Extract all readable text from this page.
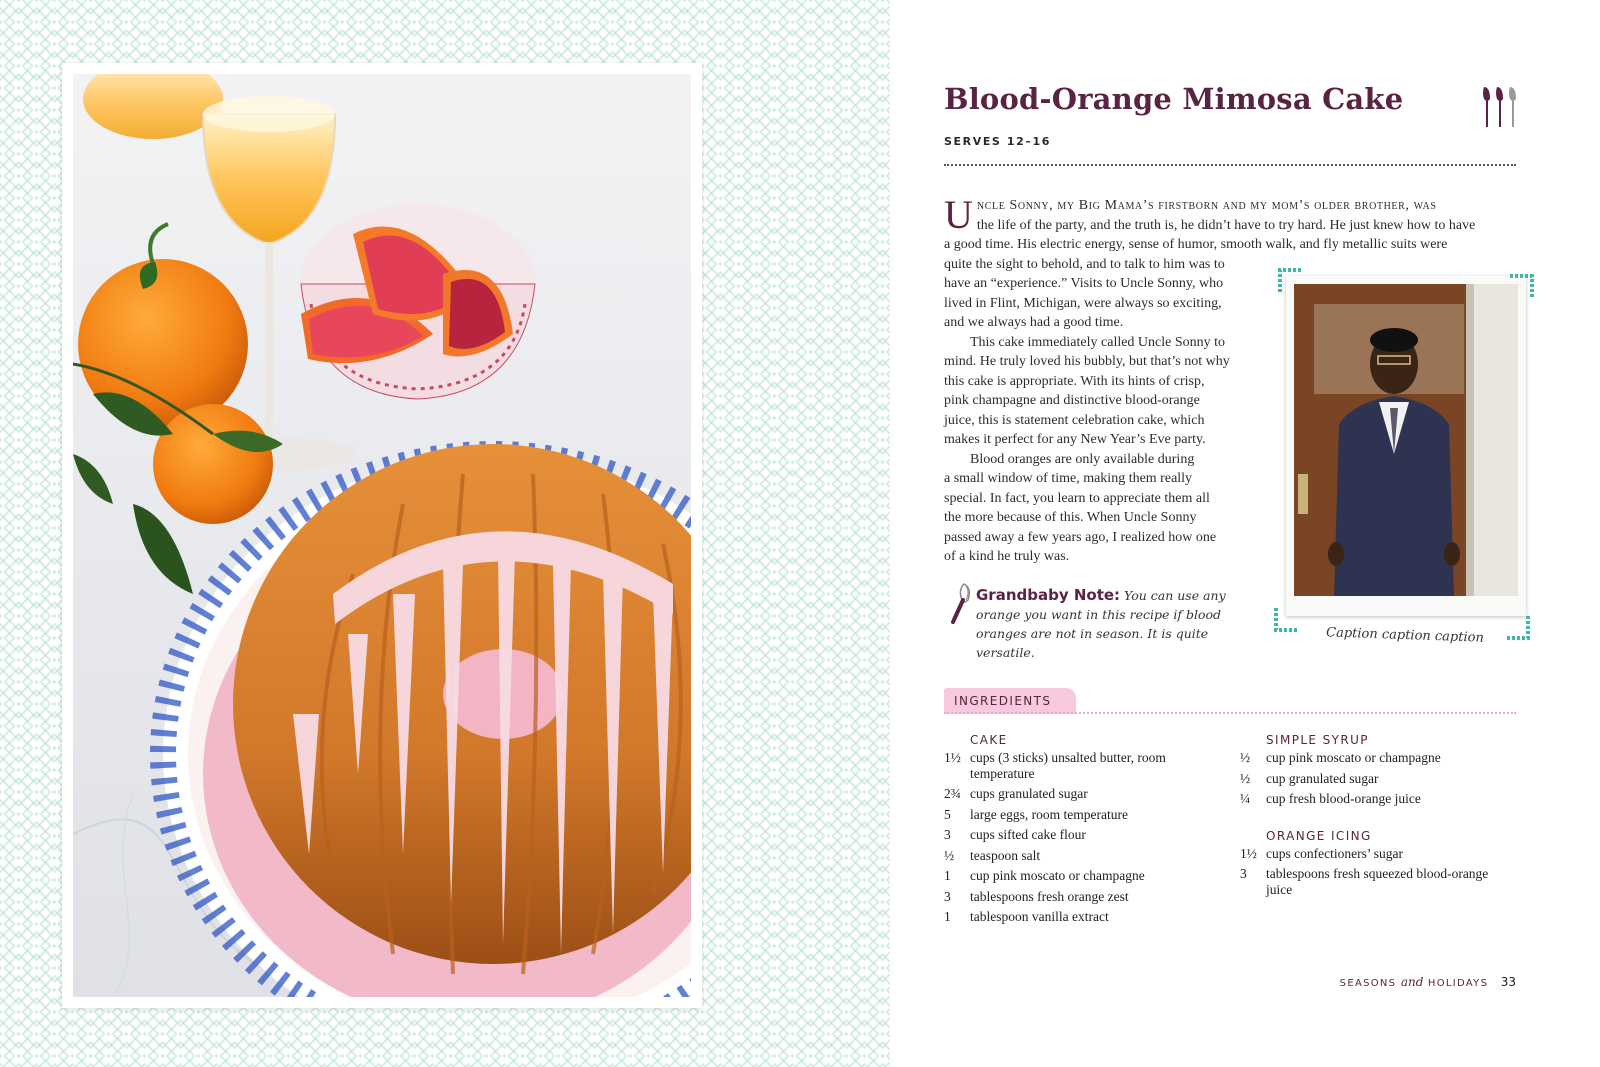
Blood-Orange Mimosa Cake
SERVES 12–16
Uncle Sonny, my Big Mama’s firstborn and my mom’s older brother, was
the life of the party, and the truth is, he didn’t have to try hard. He just knew how to have
a good time. His electric energy, sense of humor, smooth walk, and fly metallic suits were
quite the sight to behold, and to talk to him was to
have an “experience.” Visits to Uncle Sonny, who
lived in Flint, Michigan, were always so exciting,
and we always had a good time.
This cake immediately called Uncle Sonny to
mind. He truly loved his bubbly, but that’s not why
this cake is appropriate. With its hints of crisp,
pink champagne and distinctive blood-orange
juice, this is statement celebration cake, which
makes it perfect for any New Year’s Eve party.
Blood oranges are only available during
a small window of time, making them really
special. In fact, you learn to appreciate them all
the more because of this. When Uncle Sonny
passed away a few years ago, I realized how one
of a kind he truly was.
Caption caption caption
Grandbaby Note: You can use any orange you want in this recipe if blood oranges are not in season. It is quite versatile.
INGREDIENTS
CAKE
1½ cups (3 sticks) unsalted butter, room temperature
2¾ cups granulated sugar
5	large eggs, room temperature
3	cups sifted cake flour
½	teaspoon salt
1	cup pink moscato or champagne
3	tablespoons fresh orange zest
1	tablespoon vanilla extract
SIMPLE SYRUP
½	cup pink moscato or champagne
½	cup granulated sugar
¼	cup fresh blood-orange juice
ORANGE ICING
1½ cups confectioners’ sugar
3	tablespoons fresh squeezed blood-orange juice
SEASONS and HOLIDAYS 33
